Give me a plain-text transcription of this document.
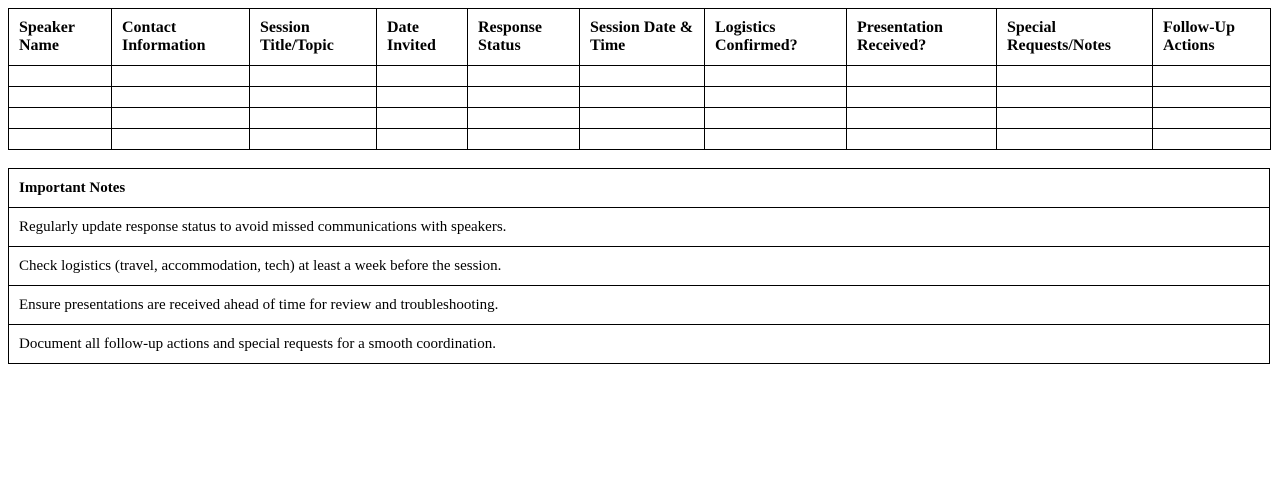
Speaker Name	Contact Information	Session Title/Topic	Date Invited	Response Status	Session Date & Time	Logistics Confirmed?	Presentation Received?	Special Requests/Notes	Follow-Up Actions

Important Notes
Regularly update response status to avoid missed communications with speakers.
Check logistics (travel, accommodation, tech) at least a week before the session.
Ensure presentations are received ahead of time for review and troubleshooting.
Document all follow-up actions and special requests for a smooth coordination.
